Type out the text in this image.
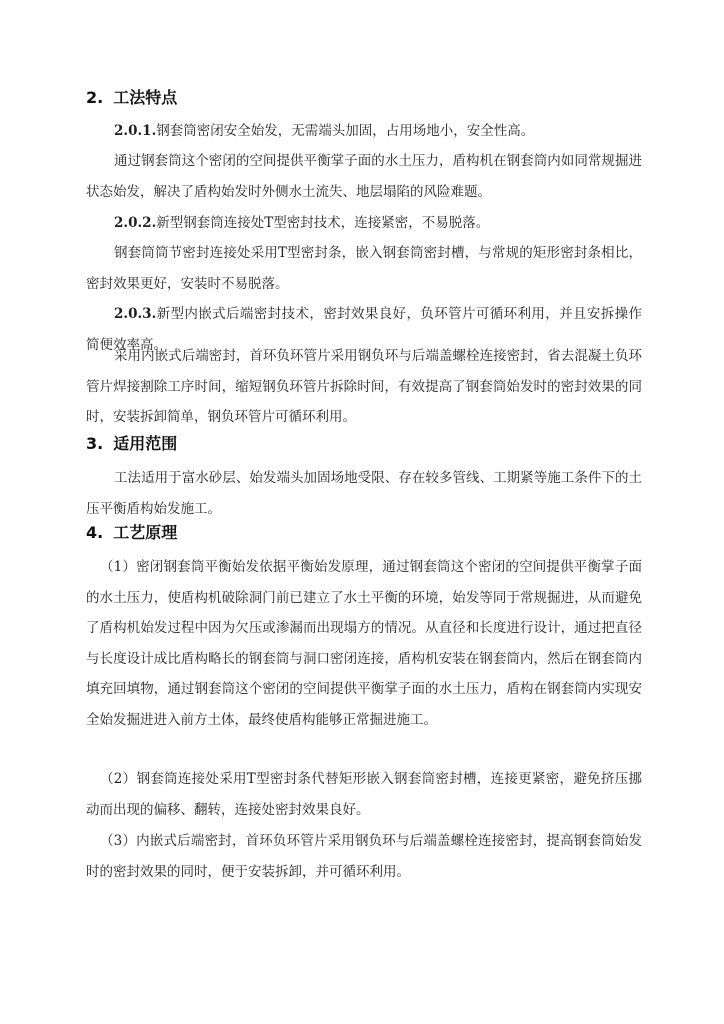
2. 工法特点
2.0.1.钢套筒密闭安全始发，无需端头加固，占用场地小，安全性高。
通过钢套筒这个密闭的空间提供平衡掌子面的水土压力，盾构机在钢套筒内如同常规掘进状态始发，解决了盾构始发时外侧水土流失、地层塌陷的风险难题。
2.0.2.新型钢套筒连接处T型密封技术，连接紧密，不易脱落。
钢套筒筒节密封连接处采用T型密封条，嵌入钢套筒密封槽，与常规的矩形密封条相比，密封效果更好，安装时不易脱落。
2.0.3.新型内嵌式后端密封技术，密封效果良好，负环管片可循环利用，并且安拆操作简便效率高。
采用内嵌式后端密封，首环负环管片采用钢负环与后端盖螺栓连接密封，省去混凝土负环管片焊接割除工序时间，缩短钢负环管片拆除时间，有效提高了钢套筒始发时的密封效果的同时，安装拆卸简单，钢负环管片可循环利用。
3. 适用范围
工法适用于富水砂层、始发端头加固场地受限、存在较多管线、工期紧等施工条件下的土压平衡盾构始发施工。
4. 工艺原理
（1）密闭钢套筒平衡始发依据平衡始发原理，通过钢套筒这个密闭的空间提供平衡掌子面的水土压力，使盾构机破除洞门前已建立了水土平衡的环境，始发等同于常规掘进，从而避免了盾构机始发过程中因为欠压或渗漏而出现塌方的情况。从直径和长度进行设计，通过把直径与长度设计成比盾构略长的钢套筒与洞口密闭连接，盾构机安装在钢套筒内，然后在钢套筒内填充回填物，通过钢套筒这个密闭的空间提供平衡掌子面的水土压力，盾构在钢套筒内实现安全始发掘进进入前方土体，最终使盾构能够正常掘进施工。
（2）钢套筒连接处采用T型密封条代替矩形嵌入钢套筒密封槽，连接更紧密，避免挤压挪动而出现的偏移、翻转，连接处密封效果良好。
（3）内嵌式后端密封，首环负环管片采用钢负环与后端盖螺栓连接密封，提高钢套筒始发时的密封效果的同时，便于安装拆卸，并可循环利用。
